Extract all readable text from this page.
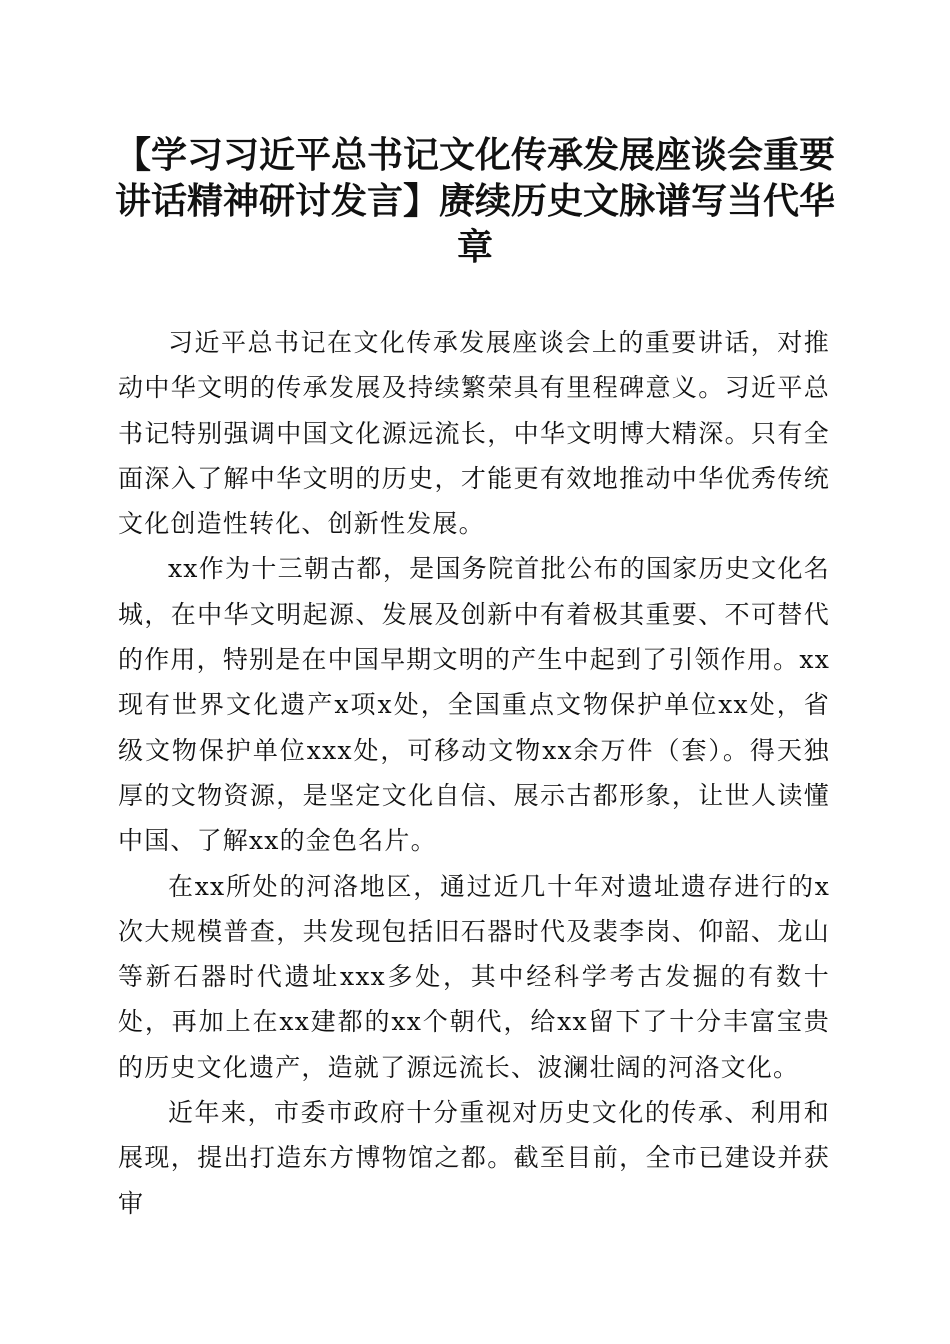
【学习习近平总书记文化传承发展座谈会重要讲话精神研讨发言】赓续历史文脉谱写当代华章

习近平总书记在文化传承发展座谈会上的重要讲话，对推动中华文明的传承发展及持续繁荣具有里程碑意义。习近平总书记特别强调中国文化源远流长，中华文明博大精深。只有全面深入了解中华文明的历史，才能更有效地推动中华优秀传统文化创造性转化、创新性发展。

xx作为十三朝古都，是国务院首批公布的国家历史文化名城，在中华文明起源、发展及创新中有着极其重要、不可替代的作用，特别是在中国早期文明的产生中起到了引领作用。xx现有世界文化遗产x项x处，全国重点文物保护单位xx处，省级文物保护单位xxx处，可移动文物xx余万件（套）。得天独厚的文物资源，是坚定文化自信、展示古都形象，让世人读懂中国、了解xx的金色名片。

在xx所处的河洛地区，通过近几十年对遗址遗存进行的x次大规模普查，共发现包括旧石器时代及裴李岗、仰韶、龙山等新石器时代遗址xxx多处，其中经科学考古发掘的有数十处，再加上在xx建都的xx个朝代，给xx留下了十分丰富宝贵的历史文化遗产，造就了源远流长、波澜壮阔的河洛文化。

近年来，市委市政府十分重视对历史文化的传承、利用和展现，提出打造东方博物馆之都。截至目前，全市已建设并获审
